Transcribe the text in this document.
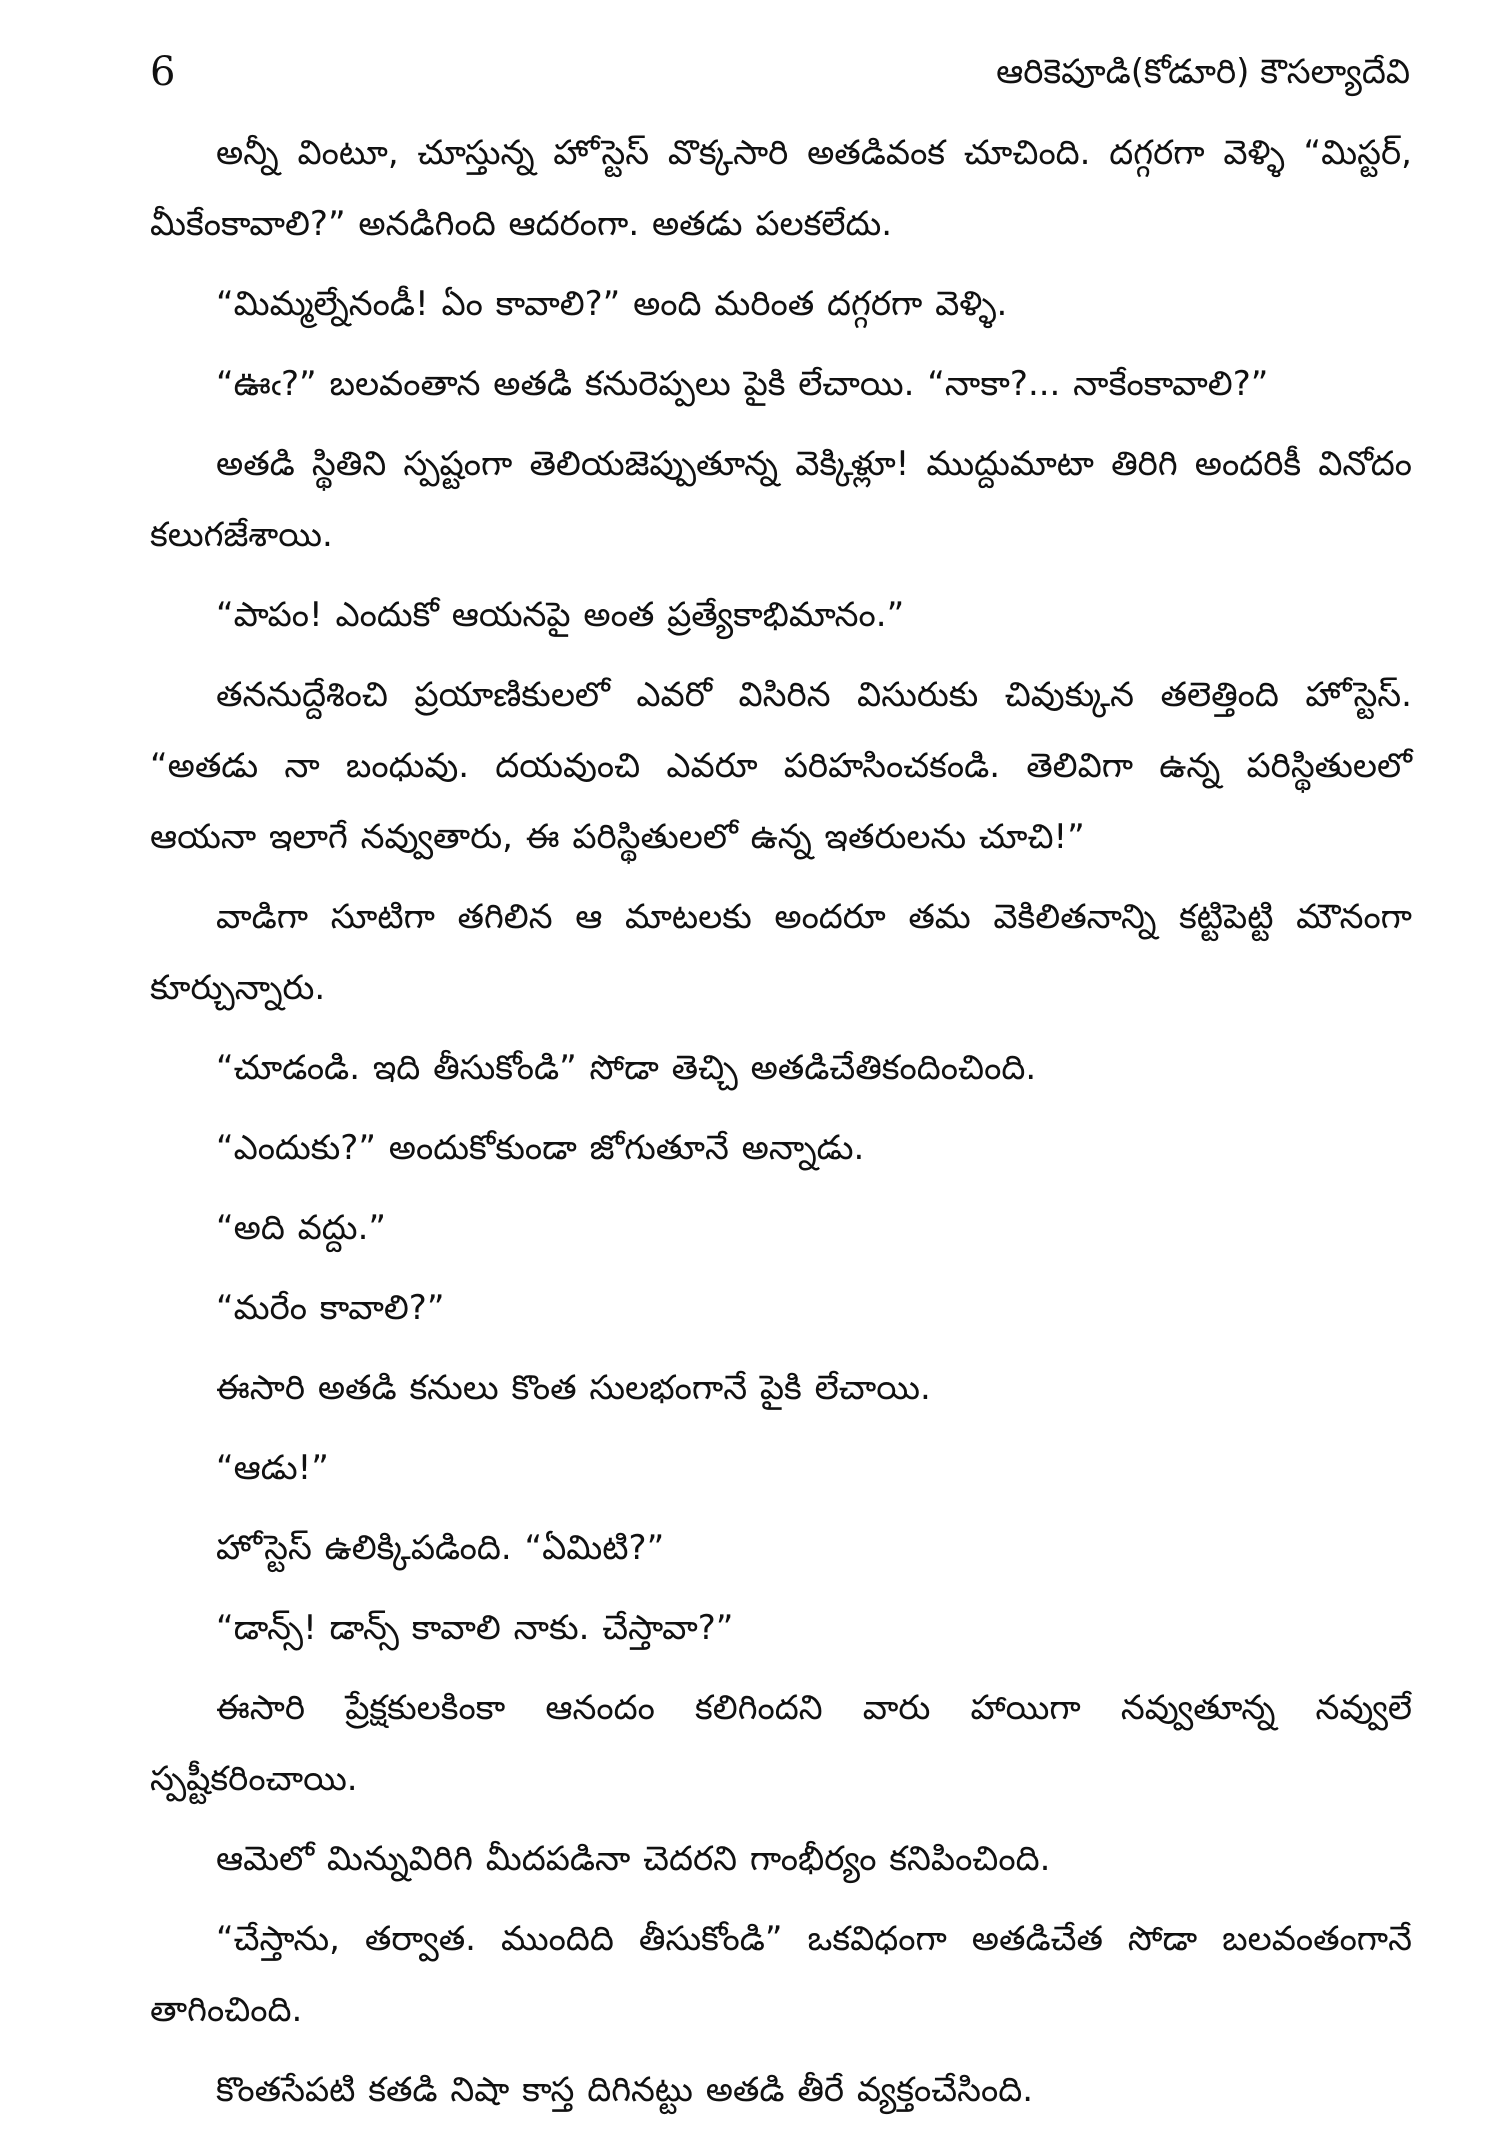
6	ఆరికెపూడి(కోడూరి) కౌసల్యాదేవి

అన్నీ వింటూ, చూస్తున్న హోస్టెస్ వొక్కసారి అతడివంక చూచింది. దగ్గరగా వెళ్ళి “మిస్టర్, మీకేంకావాలి?” అనడిగింది ఆదరంగా. అతడు పలకలేదు.

“మిమ్మల్నేనండీ! ఏం కావాలి?” అంది మరింత దగ్గరగా వెళ్ళి.

“ఊఁ?” బలవంతాన అతడి కనురెప్పలు పైకి లేచాయి. “నాకా?... నాకేంకావాలి?”

అతడి స్థితిని స్పష్టంగా తెలియజెప్పుతూన్న వెక్కిళ్లూ! ముద్దుమాటా తిరిగి అందరికీ వినోదం కలుగజేశాయి.

“పాపం! ఎందుకో ఆయనపై అంత ప్రత్యేకాభిమానం.”

తననుద్దేశించి ప్రయాణికులలో ఎవరో విసిరిన విసురుకు చివుక్కున తలెత్తింది హోస్టెస్. “అతడు నా బంధువు. దయవుంచి ఎవరూ పరిహసించకండి. తెలివిగా ఉన్న పరిస్థితులలో ఆయనా ఇలాగే నవ్వుతారు, ఈ పరిస్థితులలో ఉన్న ఇతరులను చూచి!”

వాడిగా సూటిగా తగిలిన ఆ మాటలకు అందరూ తమ వెకిలితనాన్ని కట్టిపెట్టి మౌనంగా కూర్చున్నారు.

“చూడండి. ఇది తీసుకోండి” సోడా తెచ్చి అతడిచేతికందించింది.

“ఎందుకు?” అందుకోకుండా జోగుతూనే అన్నాడు.

“అది వద్దు.”

“మరేం కావాలి?”

ఈసారి అతడి కనులు కొంత సులభంగానే పైకి లేచాయి.

“ఆడు!”

హోస్టెస్ ఉలిక్కిపడింది. “ఏమిటి?”

“డాన్స్! డాన్స్ కావాలి నాకు. చేస్తావా?”

ఈసారి ప్రేక్షకులకింకా ఆనందం కలిగిందని వారు హాయిగా నవ్వుతూన్న నవ్వులే స్పష్టీకరించాయి.

ఆమెలో మిన్నువిరిగి మీదపడినా చెదరని గాంభీర్యం కనిపించింది.

“చేస్తాను, తర్వాత. ముందిది తీసుకోండి” ఒకవిధంగా అతడిచేత సోడా బలవంతంగానే తాగించింది.

కొంతసేపటి కతడి నిషా కాస్త దిగినట్టు అతడి తీరే వ్యక్తంచేసింది.
